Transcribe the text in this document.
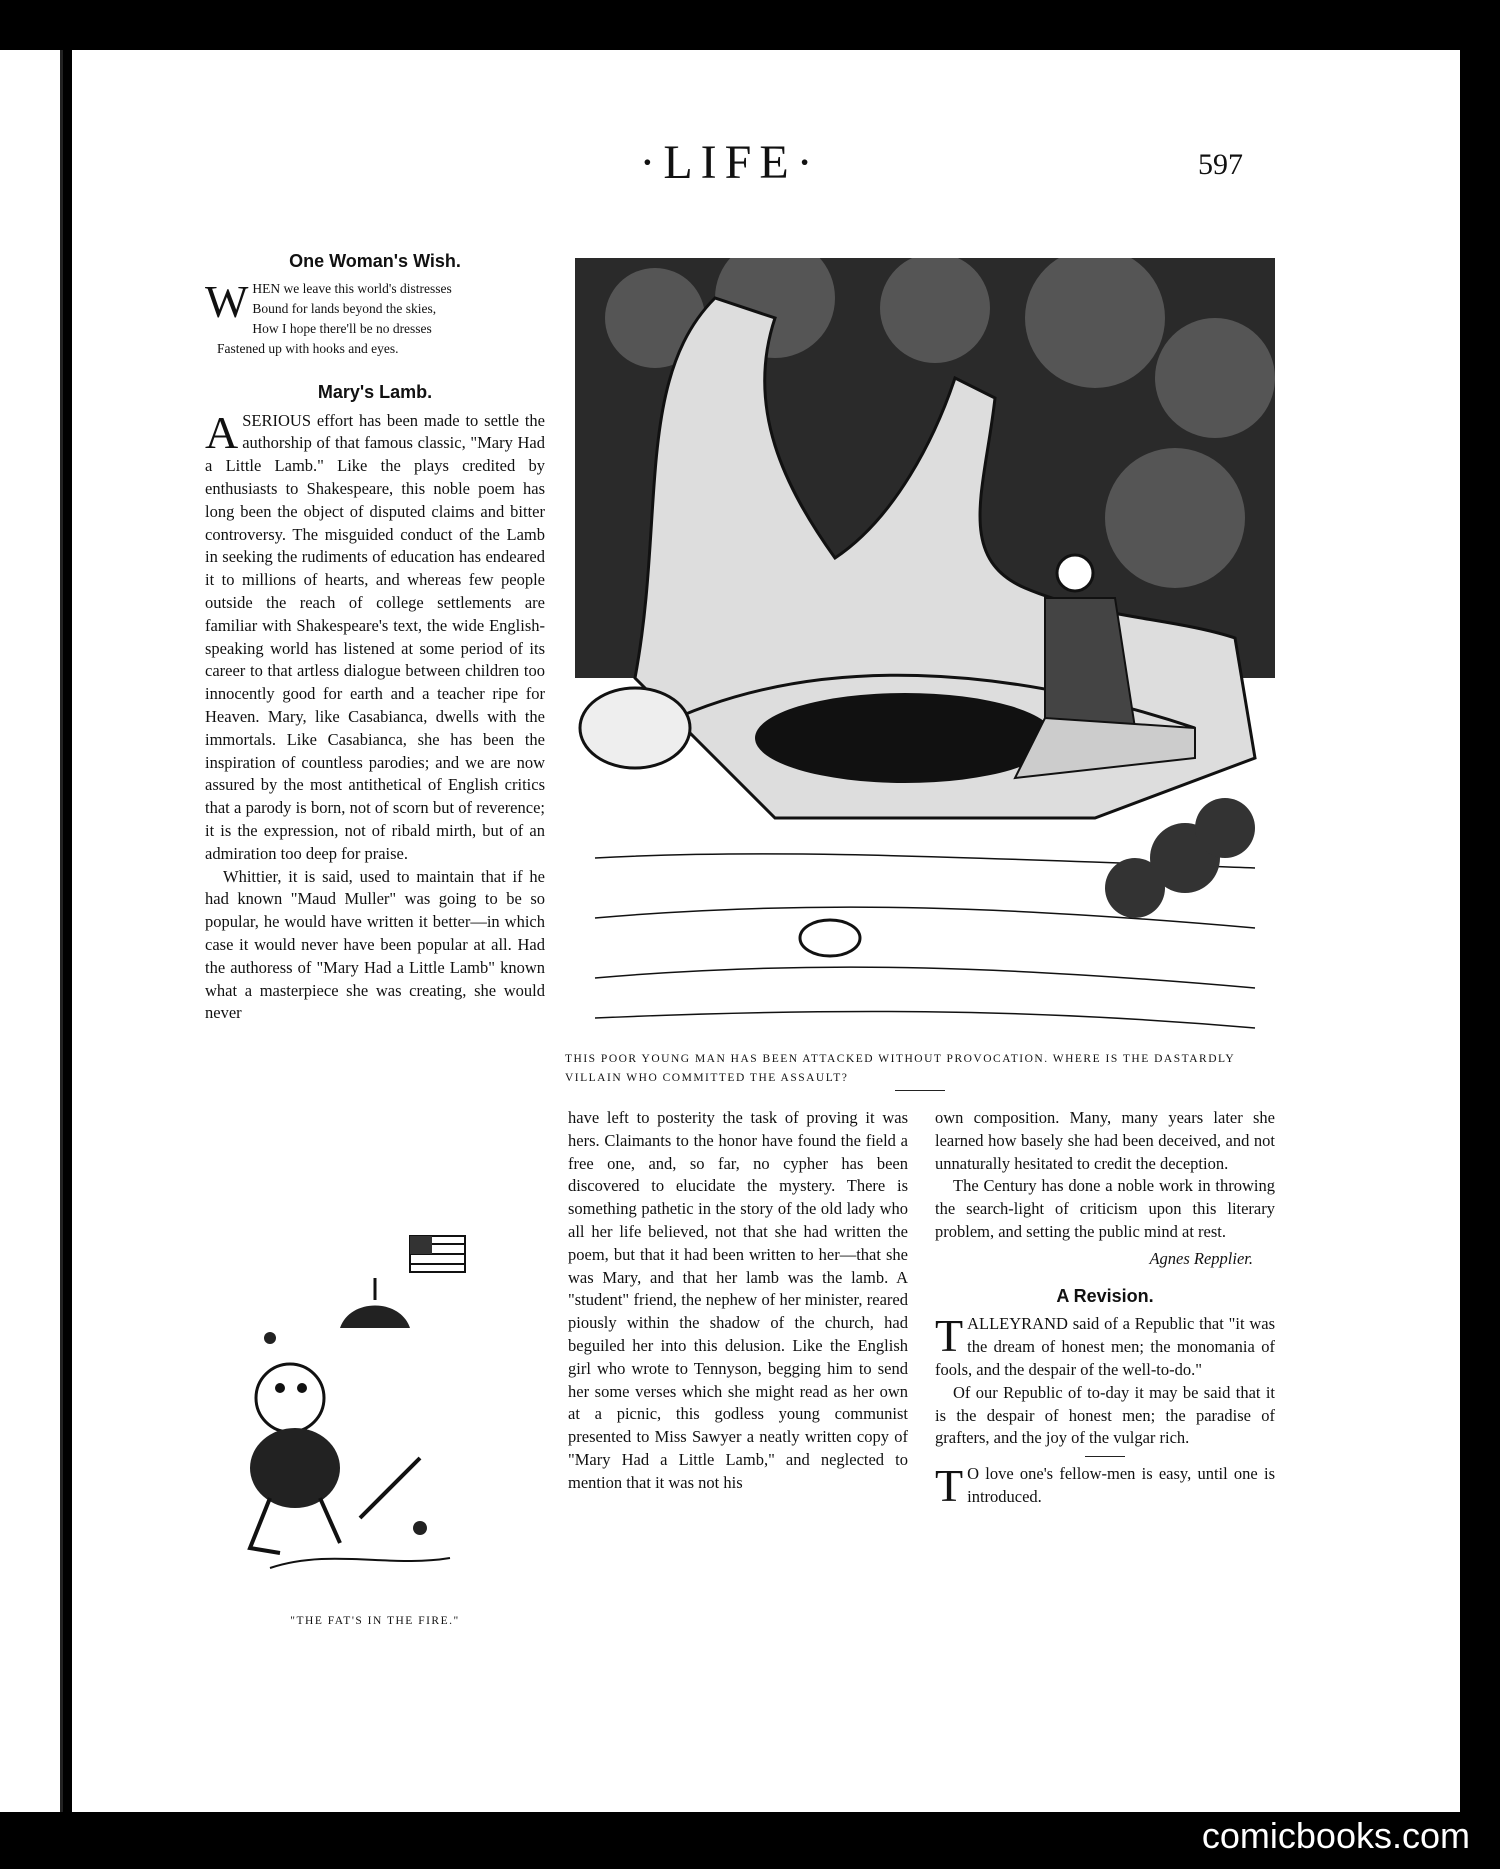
·LIFE·	597
One Woman's Wish.
W HEN we leave this world's distresses
Bound for lands beyond the skies,
How I hope there'll be no dresses
Fastened up with hooks and eyes.
Mary's Lamb.

A SERIOUS effort has been made to settle the authorship of that famous classic, "Mary Had a Little Lamb." Like the plays credited by enthusiasts to Shakespeare, this noble poem has long been the object of disputed claims and bitter controversy. The misguided conduct of the Lamb in seeking the rudiments of education has endeared it to millions of hearts, and whereas few people outside the reach of college settlements are familiar with Shakespeare's text, the wide English-speaking world has listened at some period of its career to that artless dialogue between children too innocently good for earth and a teacher ripe for Heaven. Mary, like Casabianca, dwells with the immortals. Like Casabianca, she has been the inspiration of countless parodies; and we are now assured by the most antithetical of English critics that a parody is born, not of scorn but of reverence; it is the expression, not of ribald mirth, but of an admiration too deep for praise.

Whittier, it is said, used to maintain that if he had known "Maud Muller" was going to be so popular, he would have written it better—in which case it would never have been popular at all. Had the authoress of "Mary Had a Little Lamb" known what a masterpiece she was creating, she would never

THIS POOR YOUNG MAN HAS BEEN ATTACKED WITHOUT PROVOCATION. WHERE IS THE DASTARDLY VILLAIN WHO COMMITTED THE ASSAULT?
"THE FAT'S IN THE FIRE."

have left to posterity the task of proving it was hers. Claimants to the honor have found the field a free one, and, so far, no cypher has been discovered to elucidate the mystery. There is something pathetic in the story of the old lady who all her life believed, not that she had written the poem, but that it had been written to her—that she was Mary, and that her lamb was the lamb. A "student" friend, the nephew of her minister, reared piously within the shadow of the church, had beguiled her into this delusion. Like the English girl who wrote to Tennyson, begging him to send her some verses which she might read as her own at a picnic, this godless young communist presented to Miss Sawyer a neatly written copy of "Mary Had a Little Lamb," and neglected to mention that it was not his

own composition. Many, many years later she learned how basely she had been deceived, and not unnaturally hesitated to credit the deception.

The Century has done a noble work in throwing the search-light of criticism upon this literary problem, and setting the public mind at rest.

Agnes Repplier.

A Revision.

TALLEYRAND said of a Republic that "it was the dream of honest men; the monomania of fools, and the despair of the well-to-do."

Of our Republic of to-day it may be said that it is the despair of honest men; the paradise of grafters, and the joy of the vulgar rich.

T O love one's fellow-men is easy, until one is introduced.

comicbooks.com
